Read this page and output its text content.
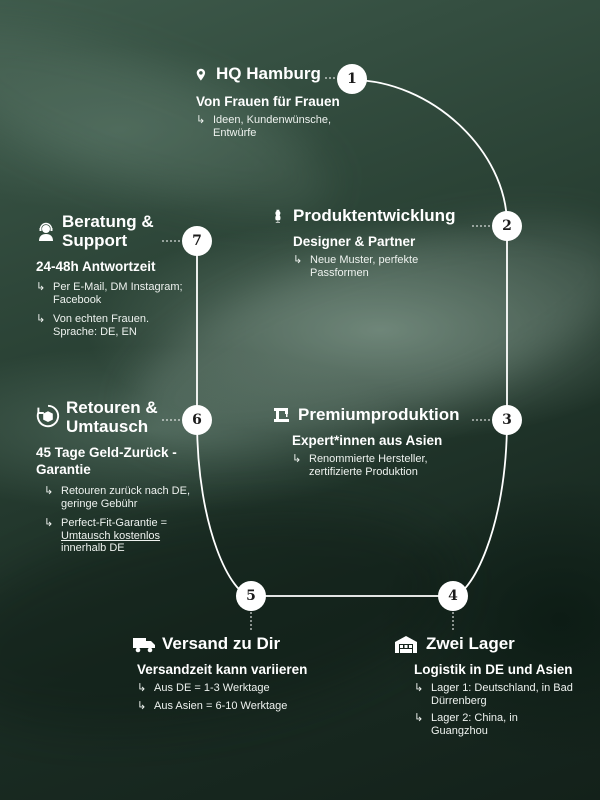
1
2
3
4
5
6
7
HQ Hamburg
Von Frauen für Frauen
↳ Ideen, Kundenwünsche, Entwürfe
Produktentwicklung
Designer & Partner
↳ Neue Muster, perfekte Passformen
Premiumproduktion
Expert*innen aus Asien
↳ Renommierte Hersteller, zertifizierte Produktion
Zwei Lager
Logistik in DE und Asien
↳ Lager 1: Deutschland, in Bad Dürrenberg
↳ Lager 2: China, in Guangzhou
Versand zu Dir
Versandzeit kann variieren
↳ Aus DE = 1-3 Werktage
↳ Aus Asien = 6-10 Werktage
Retouren & Umtausch
45 Tage Geld-Zurück -Garantie
↳ Retouren zurück nach DE, geringe Gebühr
↳ Perfect-Fit-Garantie = Umtausch kostenlos innerhalb DE
Beratung & Support
24-48h Antwortzeit
↳ Per E-Mail, DM Instagram; Facebook
↳ Von echten Frauen. Sprache: DE, EN
